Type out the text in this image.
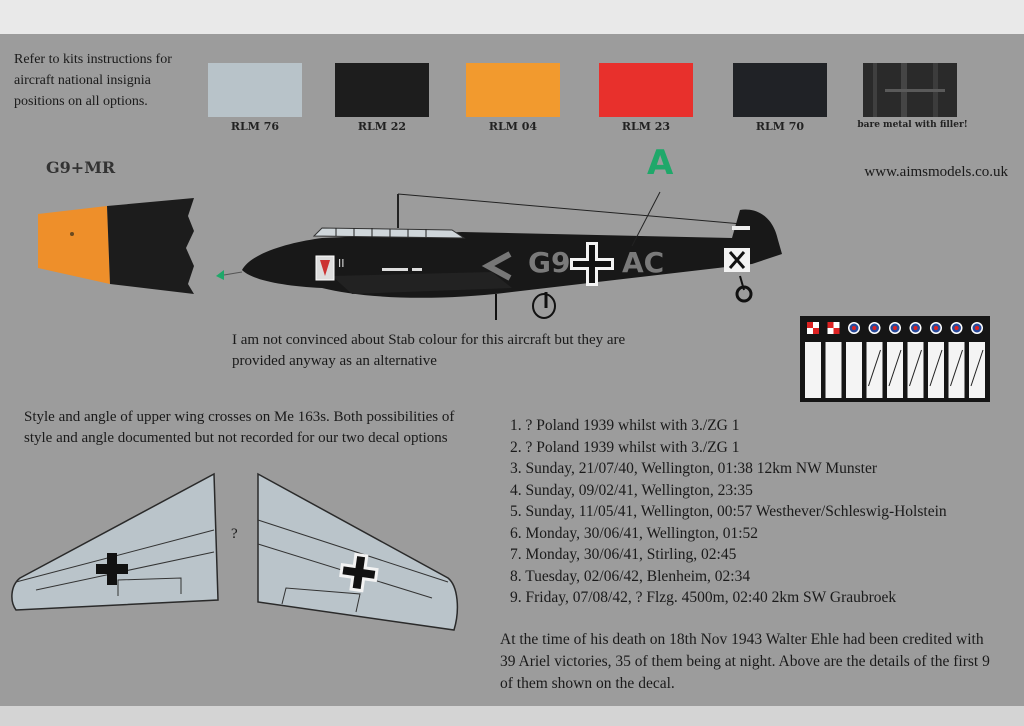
Refer to kits instructions for aircraft national insignia positions on all options.
RLM 76	RLM 22	RLM 04	RLM 23	RLM 70	bare metal with filler!
G9+MR	www.aimsmodels.co.uk
G9 AC
II
A
I am not convinced about Stab colour for this aircraft but they are provided anyway as an alternative
Style and angle of upper wing crosses on Me 163s. Both possibilities of style and angle documented but not recorded for our two decal options
?
1. ? Poland 1939 whilst with 3./ZG 1
2. ? Poland 1939 whilst with 3./ZG 1
3. Sunday, 21/07/40, Wellington, 01:38 12km NW Munster
4. Sunday, 09/02/41, Wellington, 23:35
5. Sunday, 11/05/41, Wellington, 00:57 Westhever/Schleswig-Holstein
6. Monday, 30/06/41, Wellington, 01:52
7. Monday, 30/06/41, Stirling, 02:45
8. Tuesday, 02/06/42, Blenheim, 02:34
9. Friday, 07/08/42, ? Flzg. 4500m, 02:40 2km SW Graubroek
At the time of his death on 18th Nov 1943 Walter Ehle had been credited with 39 Ariel victories, 35 of them being at night. Above are the details of the first 9 of them shown on the decal.
